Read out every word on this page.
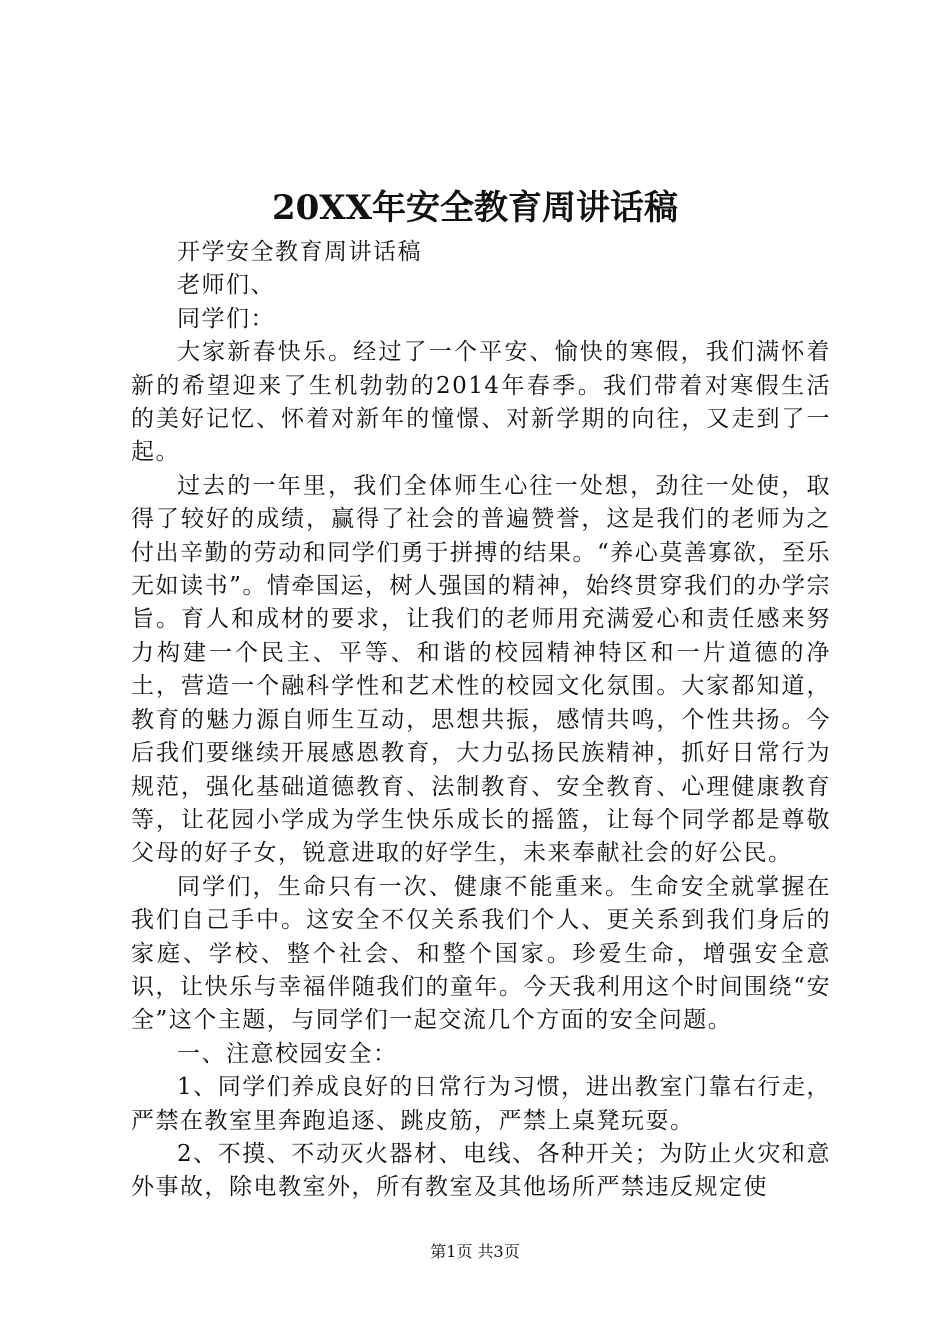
20XX年安全教育周讲话稿

开学安全教育周讲话稿

老师们、

同学们：

大家新春快乐。经过了一个平安、愉快的寒假，我们满怀着新的希望迎来了生机勃勃的2014年春季。我们带着对寒假生活的美好记忆、怀着对新年的憧憬、对新学期的向往，又走到了一起。

过去的一年里，我们全体师生心往一处想，劲往一处使，取得了较好的成绩，赢得了社会的普遍赞誉，这是我们的老师为之付出辛勤的劳动和同学们勇于拼搏的结果。“养心莫善寡欲，至乐无如读书”。情牵国运，树人强国的精神，始终贯穿我们的办学宗旨。育人和成材的要求，让我们的老师用充满爱心和责任感来努力构建一个民主、平等、和谐的校园精神特区和一片道德的净土，营造一个融科学性和艺术性的校园文化氛围。大家都知道，教育的魅力源自师生互动，思想共振，感情共鸣，个性共扬。今后我们要继续开展感恩教育，大力弘扬民族精神，抓好日常行为规范，强化基础道德教育、法制教育、安全教育、心理健康教育等，让花园小学成为学生快乐成长的摇篮，让每个同学都是尊敬父母的好子女，锐意进取的好学生，未来奉献社会的好公民。

同学们，生命只有一次、健康不能重来。生命安全就掌握在我们自己手中。这安全不仅关系我们个人、更关系到我们身后的家庭、学校、整个社会、和整个国家。珍爱生命，增强安全意识，让快乐与幸福伴随我们的童年。今天我利用这个时间围绕“安全”这个主题，与同学们一起交流几个方面的安全问题。

一、注意校园安全：

1、同学们养成良好的日常行为习惯，进出教室门靠右行走，严禁在教室里奔跑追逐、跳皮筋，严禁上桌凳玩耍。

2、不摸、不动灭火器材、电线、各种开关；为防止火灾和意外事故，除电教室外，所有教室及其他场所严禁违反规定使

第1页 共3页
